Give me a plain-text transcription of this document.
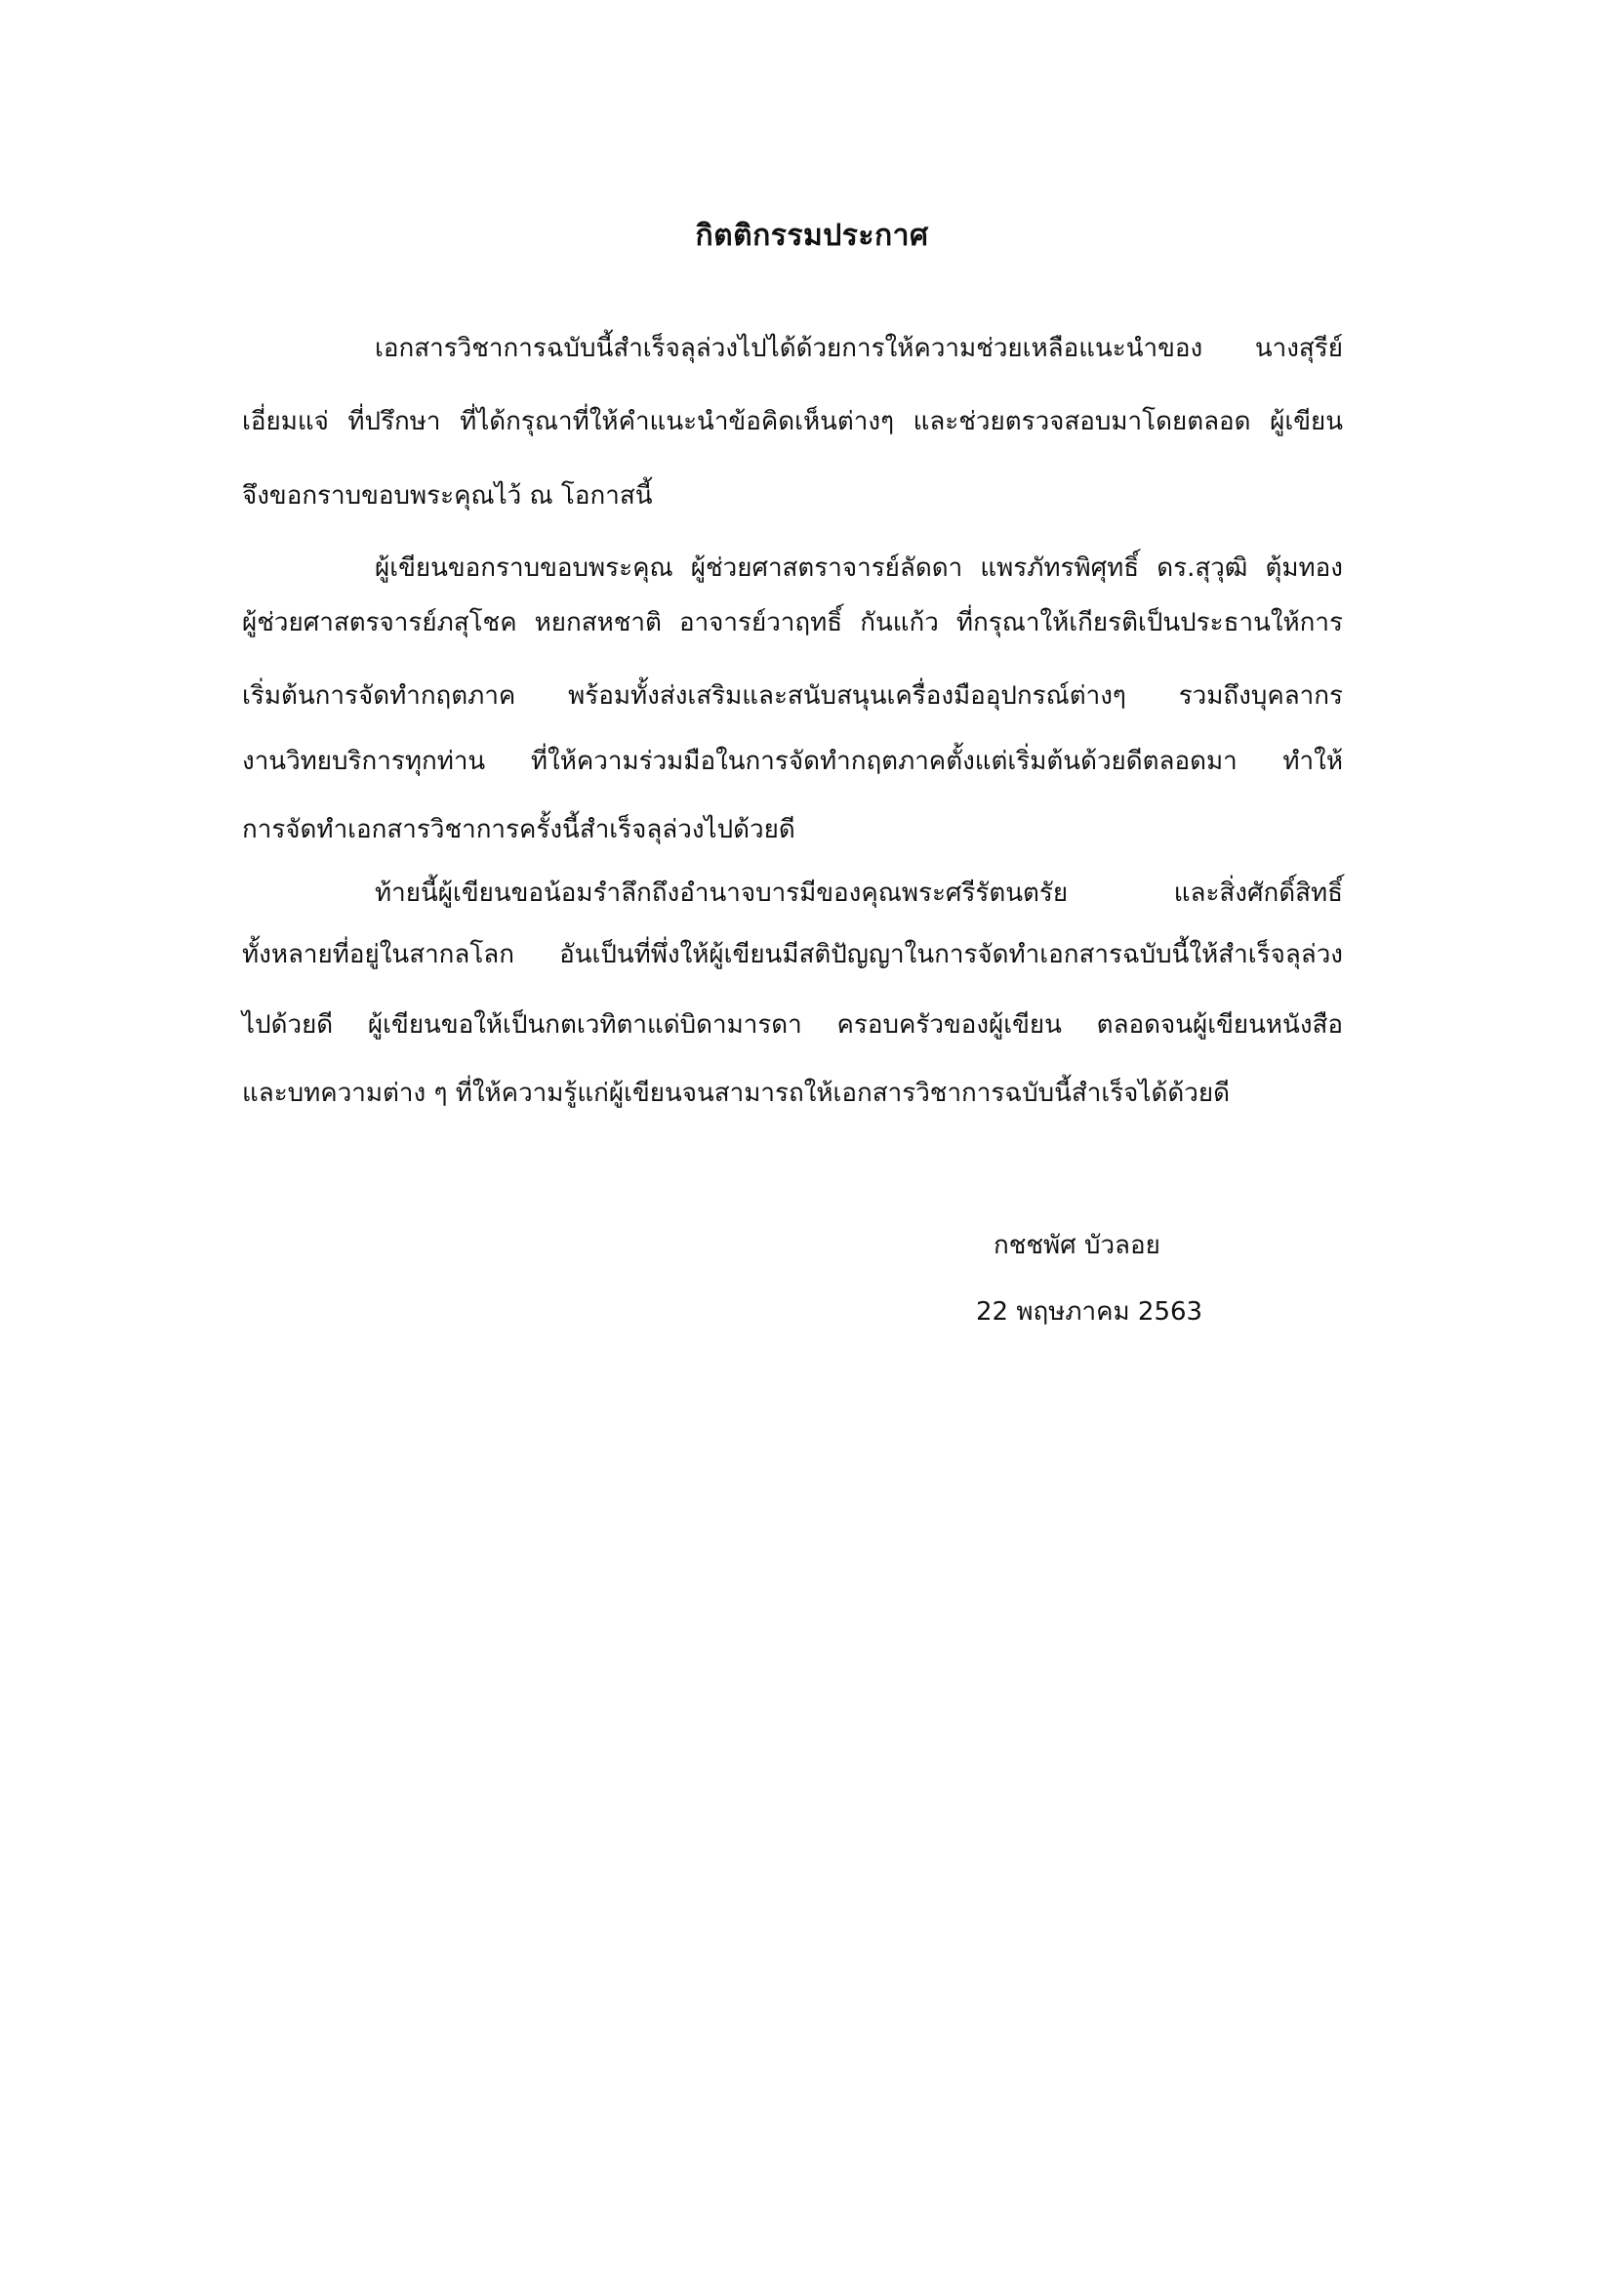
กิตติกรรมประกาศ
เอกสารวิชาการฉบับนี้สำเร็จลุล่วงไปได้ด้วยการให้ความช่วยเหลือแนะนำของ นางสุรีย์
เอี่ยมแจ่ ที่ปรึกษา ที่ได้กรุณาที่ให้คำแนะนำข้อคิดเห็นต่างๆ และช่วยตรวจสอบมาโดยตลอด ผู้เขียน
จึงขอกราบขอบพระคุณไว้ ณ โอกาสนี้
ผู้เขียนขอกราบขอบพระคุณ ผู้ช่วยศาสตราจารย์ลัดดา แพรภัทรพิศุทธิ์ ดร.สุวุฒิ ตุ้มทอง
ผู้ช่วยศาสตรจารย์ภสุโชค หยกสหชาติ อาจารย์วาฤทธิ์ กันแก้ว ที่กรุณาให้เกียรติเป็นประธานให้การ
เริ่มต้นการจัดทำกฤตภาค พร้อมทั้งส่งเสริมและสนับสนุนเครื่องมืออุปกรณ์ต่างๆ รวมถึงบุคลากร
งานวิทยบริการทุกท่าน ที่ให้ความร่วมมือในการจัดทำกฤตภาคตั้งแต่เริ่มต้นด้วยดีตลอดมา ทำให้
การจัดทำเอกสารวิชาการครั้งนี้สำเร็จลุล่วงไปด้วยดี
ท้ายนี้ผู้เขียนขอน้อมรำลึกถึงอำนาจบารมีของคุณพระศรีรัตนตรัย และสิ่งศักดิ์สิทธิ์
ทั้งหลายที่อยู่ในสากลโลก อันเป็นที่พึ่งให้ผู้เขียนมีสติปัญญาในการจัดทำเอกสารฉบับนี้ให้สำเร็จลุล่วง
ไปด้วยดี ผู้เขียนขอให้เป็นกตเวทิตาแด่บิดามารดา ครอบครัวของผู้เขียน ตลอดจนผู้เขียนหนังสือ
และบทความต่าง ๆ ที่ให้ความรู้แก่ผู้เขียนจนสามารถให้เอกสารวิชาการฉบับนี้สำเร็จได้ด้วยดี
กชชพัศ บัวลอย
22 พฤษภาคม 2563
